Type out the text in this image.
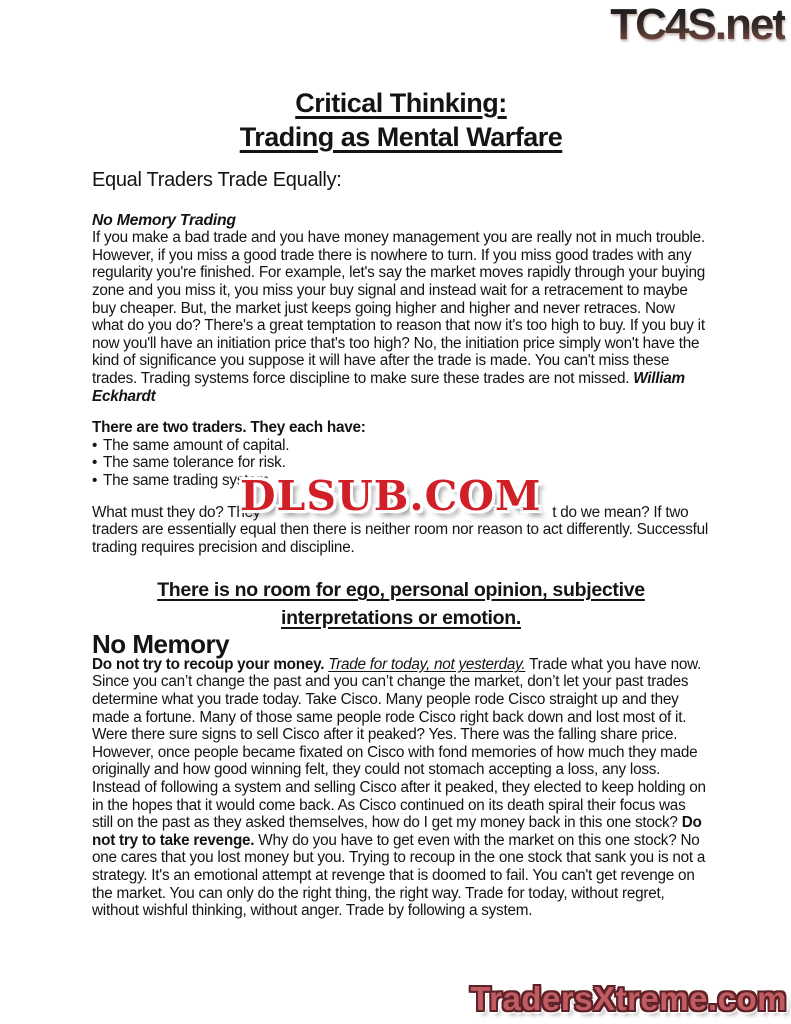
TC4S.net
Critical Thinking:
Trading as Mental Warfare
Equal Traders Trade Equally:
No Memory Trading

If you make a bad trade and you have money management you are really not in much trouble. However, if you miss a good trade there is nowhere to turn. If you miss good trades with any regularity you're finished. For example, let's say the market moves rapidly through your buying zone and you miss it, you miss your buy signal and instead wait for a retracement to maybe buy cheaper. But, the market just keeps going higher and higher and never retraces. Now what do you do? There's a great temptation to reason that now it's too high to buy. If you buy it now you'll have an initiation price that's too high? No, the initiation price simply won't have the kind of significance you suppose it will have after the trade is made. You can't miss these trades. Trading systems force discipline to make sure these trades are not missed. William Eckhardt

There are two traders. They each have:
• The same amount of capital.
• The same tolerance for risk.
• The same trading system.
What must they do? They	t do we mean? If two
traders are essentially equal then there is neither room nor reason to act differently. Successful trading requires precision and discipline.
DLSUB.COM
There is no room for ego, personal opinion, subjective interpretations or emotion.
No Memory

Do not try to recoup your money. Trade for today, not yesterday. Trade what you have now. Since you can’t change the past and you can’t change the market, don’t let your past trades determine what you trade today. Take Cisco. Many people rode Cisco straight up and they made a fortune. Many of those same people rode Cisco right back down and lost most of it. Were there sure signs to sell Cisco after it peaked? Yes. There was the falling share price. However, once people became fixated on Cisco with fond memories of how much they made originally and how good winning felt, they could not stomach accepting a loss, any loss. Instead of following a system and selling Cisco after it peaked, they elected to keep holding on in the hopes that it would come back. As Cisco continued on its death spiral their focus was still on the past as they asked themselves, how do I get my money back in this one stock? Do not try to take revenge. Why do you have to get even with the market on this one stock? No one cares that you lost money but you. Trying to recoup in the one stock that sank you is not a strategy. It's an emotional attempt at revenge that is doomed to fail. You can't get revenge on the market. You can only do the right thing, the right way. Trade for today, without regret, without wishful thinking, without anger. Trade by following a system.

TradersXtreme.com
